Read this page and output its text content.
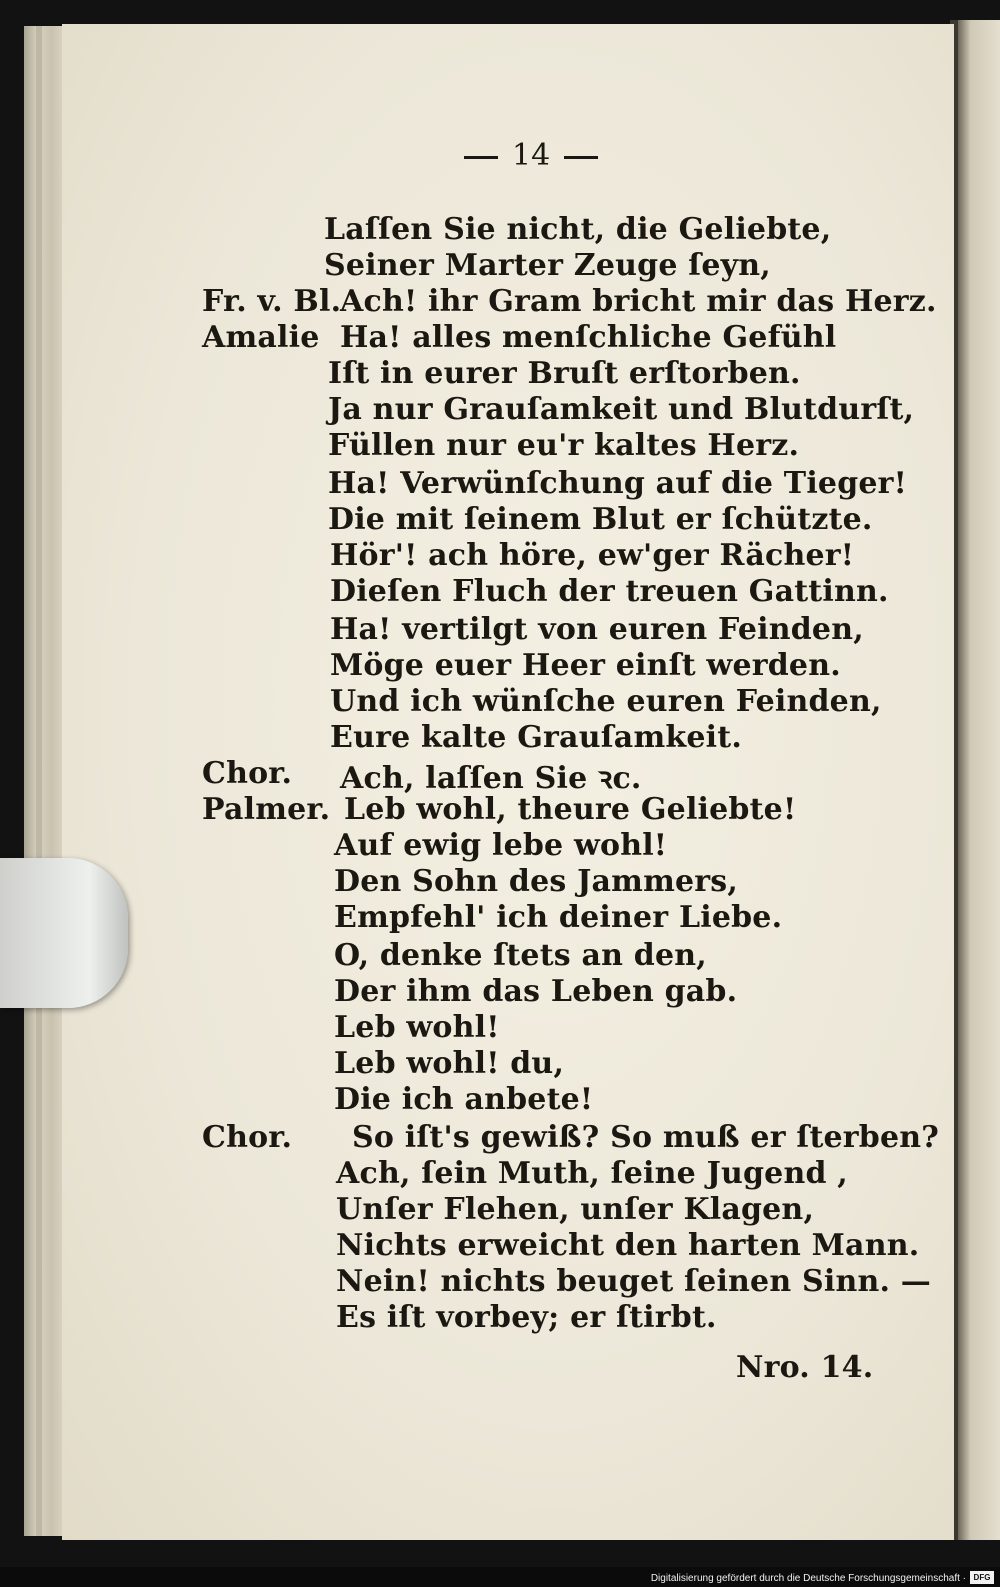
14
Laſſen Sie nicht, die Geliebte,
Seiner Marter Zeuge ſeyn,
Fr. v. Bl.
Ach! ihr Gram bricht mir das Herz.
Amalie Ha! alles menſchliche Gefühl
Iſt in eurer Bruſt erſtorben.
Ja nur Grauſamkeit und Blutdurſt,
Füllen nur eu'r kaltes Herz.
Ha! Verwünſchung auf die Tieger!
Die mit ſeinem Blut er ſchützte.
Hör'! ach höre, ew'ger Rächer!
Dieſen Fluch der treuen Gattinn.
Ha! vertilgt von euren Feinden,
Möge euer Heer einſt werden.
Und ich wünſche euren Feinden,
Eure kalte Grauſamkeit.
Chor. Ach, laſſen Sie ꝛc.
Palmer. Leb wohl, theure Geliebte!
Auf ewig lebe wohl!
Den Sohn des Jammers,
Empfehl' ich deiner Liebe.
O, denke ſtets an den,
Der ihm das Leben gab.
Leb wohl!
Leb wohl! du,
Die ich anbete!
Chor. So iſt's gewiß? So muß er ſterben?
Ach, ſein Muth, ſeine Jugend ,
Unſer Flehen, unſer Klagen,
Nichts erweicht den harten Mann.
Nein! nichts beuget ſeinen Sinn. —
Es iſt vorbey; er ſtirbt.
Nro. 14.
Digitalisierung gefördert durch die Deutsche Forschungsgemeinschaft · DFG
